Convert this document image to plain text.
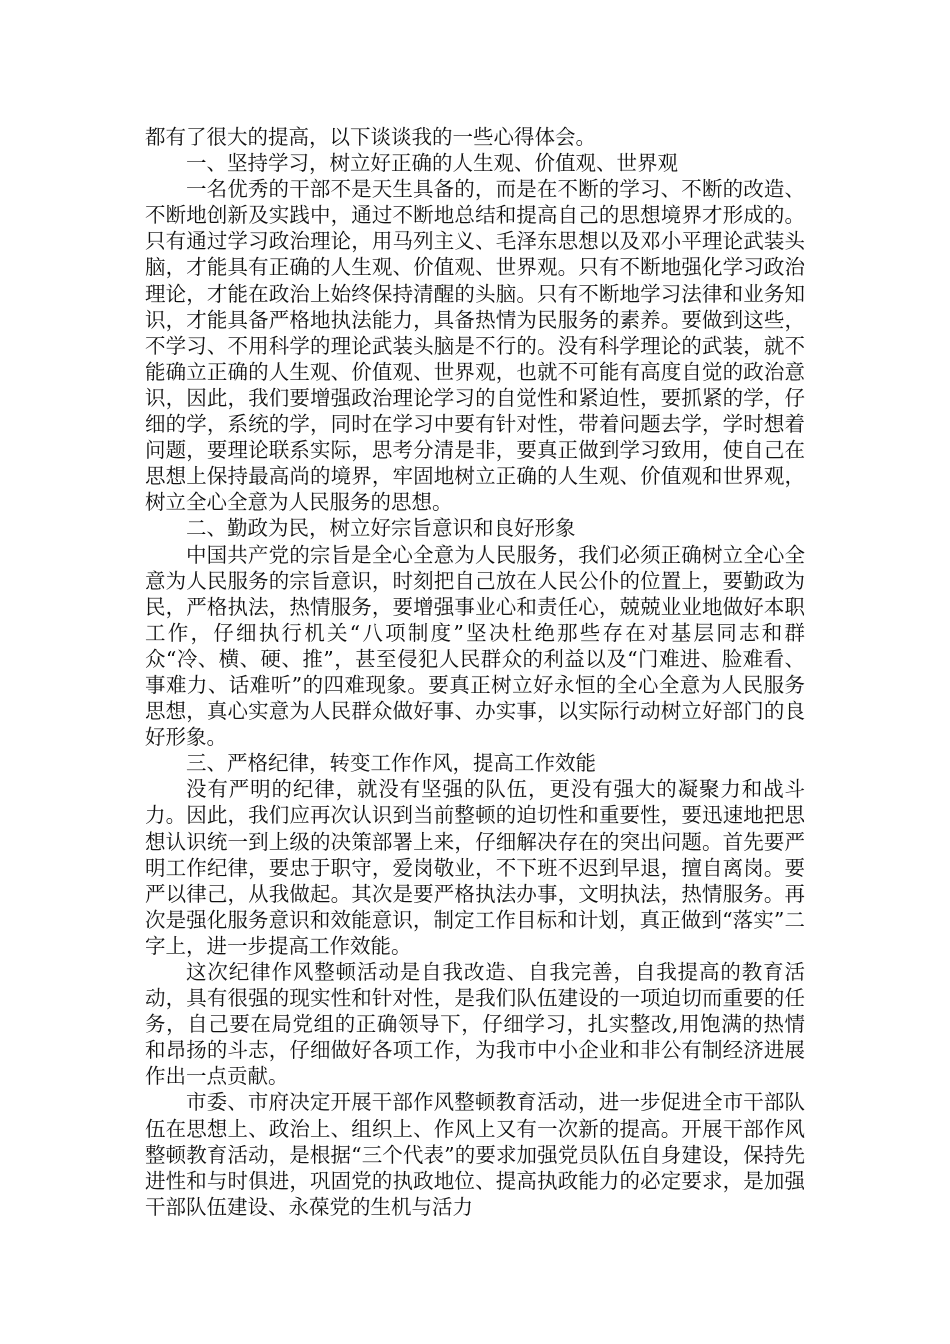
都有了很大的提高，以下谈谈我的一些心得体会。

一、坚持学习，树立好正确的人生观、价值观、世界观

一名优秀的干部不是天生具备的，而是在不断的学习、不断的改造、不断地创新及实践中，通过不断地总结和提高自己的思想境界才形成的。只有通过学习政治理论，用马列主义、毛泽东思想以及邓小平理论武装头脑，才能具有正确的人生观、价值观、世界观。只有不断地强化学习政治理论，才能在政治上始终保持清醒的头脑。只有不断地学习法律和业务知识，才能具备严格地执法能力，具备热情为民服务的素养。要做到这些，不学习、不用科学的理论武装头脑是不行的。没有科学理论的武装，就不能确立正确的人生观、价值观、世界观，也就不可能有高度自觉的政治意识，因此，我们要增强政治理论学习的自觉性和紧迫性，要抓紧的学，仔细的学，系统的学，同时在学习中要有针对性，带着问题去学，学时想着问题，要理论联系实际，思考分清是非，要真正做到学习致用，使自己在思想上保持最高尚的境界，牢固地树立正确的人生观、价值观和世界观，树立全心全意为人民服务的思想。

二、勤政为民，树立好宗旨意识和良好形象

中国共产党的宗旨是全心全意为人民服务，我们必须正确树立全心全意为人民服务的宗旨意识，时刻把自己放在人民公仆的位置上，要勤政为民，严格执法，热情服务，要增强事业心和责任心，兢兢业业地做好本职工作，仔细执行机关“八项制度”坚决杜绝那些存在对基层同志和群众“冷、横、硬、推”，甚至侵犯人民群众的利益以及“门难进、脸难看、事难力、话难听”的四难现象。要真正树立好永恒的全心全意为人民服务思想，真心实意为人民群众做好事、办实事，以实际行动树立好部门的良好形象。

三、严格纪律，转变工作作风，提高工作效能

没有严明的纪律，就没有坚强的队伍，更没有强大的凝聚力和战斗力。因此，我们应再次认识到当前整顿的迫切性和重要性，要迅速地把思想认识统一到上级的决策部署上来，仔细解决存在的突出问题。首先要严明工作纪律，要忠于职守，爱岗敬业，不下班不迟到早退，擅自离岗。要严以律己，从我做起。其次是要严格执法办事，文明执法，热情服务。再次是强化服务意识和效能意识，制定工作目标和计划，真正做到“落实”二字上，进一步提高工作效能。

这次纪律作风整顿活动是自我改造、自我完善，自我提高的教育活动，具有很强的现实性和针对性，是我们队伍建设的一项迫切而重要的任务，自己要在局党组的正确领导下，仔细学习，扎实整改,用饱满的热情和昂扬的斗志，仔细做好各项工作，为我市中小企业和非公有制经济进展作出一点贡献。

市委、市府决定开展干部作风整顿教育活动，进一步促进全市干部队伍在思想上、政治上、组织上、作风上又有一次新的提高。开展干部作风整顿教育活动，是根据“三个代表”的要求加强党员队伍自身建设，保持先进性和与时俱进，巩固党的执政地位、提高执政能力的必定要求，是加强干部队伍建设、永葆党的生机与活力
